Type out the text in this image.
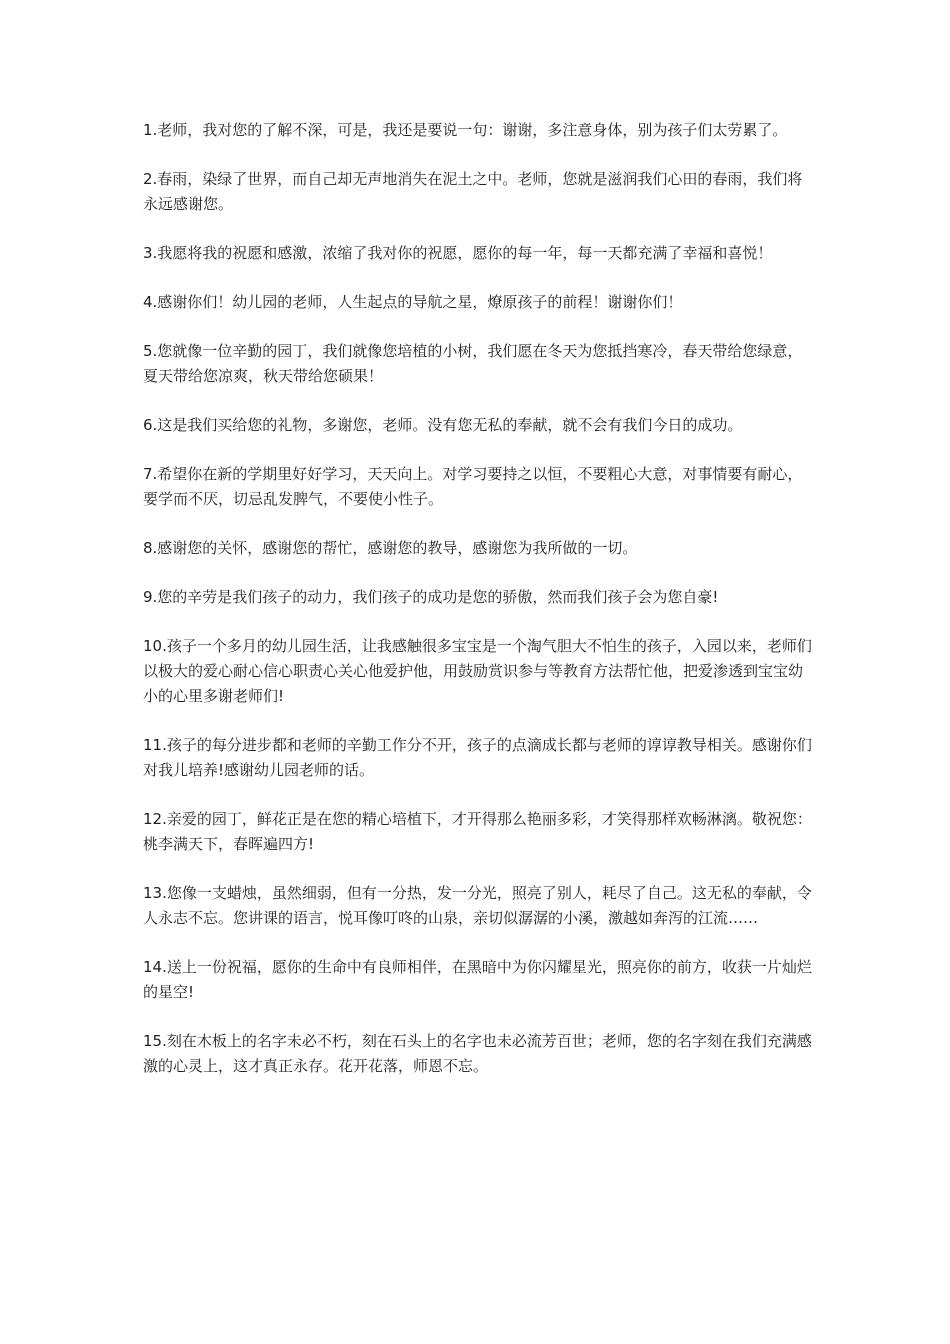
1.老师，我对您的了解不深，可是，我还是要说一句：谢谢，多注意身体，别为孩子们太劳累了。

2.春雨，染绿了世界，而自己却无声地消失在泥土之中。老师，您就是滋润我们心田的春雨，我们将永远感谢您。

3.我愿将我的祝愿和感激，浓缩了我对你的祝愿，愿你的每一年，每一天都充满了幸福和喜悦！

4.感谢你们！幼儿园的老师，人生起点的导航之星，燎原孩子的前程！谢谢你们！

5.您就像一位辛勤的园丁，我们就像您培植的小树，我们愿在冬天为您抵挡寒冷，春天带给您绿意，夏天带给您凉爽，秋天带给您硕果！

6.这是我们买给您的礼物，多谢您，老师。没有您无私的奉献，就不会有我们今日的成功。

7.希望你在新的学期里好好学习，天天向上。对学习要持之以恒，不要粗心大意，对事情要有耐心，要学而不厌，切忌乱发脾气，不要使小性子。

8.感谢您的关怀，感谢您的帮忙，感谢您的教导，感谢您为我所做的一切。

9.您的辛劳是我们孩子的动力，我们孩子的成功是您的骄傲，然而我们孩子会为您自豪!

10.孩子一个多月的幼儿园生活，让我感触很多宝宝是一个淘气胆大不怕生的孩子，入园以来，老师们以极大的爱心耐心信心职责心关心他爱护他，用鼓励赏识参与等教育方法帮忙他，把爱渗透到宝宝幼小的心里多谢老师们!

11.孩子的每分进步都和老师的辛勤工作分不开，孩子的点滴成长都与老师的谆谆教导相关。感谢你们对我儿培养!感谢幼儿园老师的话。

12.亲爱的园丁，鲜花正是在您的精心培植下，才开得那么艳丽多彩，才笑得那样欢畅淋漓。敬祝您：桃李满天下，春晖遍四方!

13.您像一支蜡烛，虽然细弱，但有一分热，发一分光，照亮了别人，耗尽了自己。这无私的奉献，令人永志不忘。您讲课的语言，悦耳像叮咚的山泉，亲切似潺潺的小溪，激越如奔泻的江流……

14.送上一份祝福，愿你的生命中有良师相伴，在黑暗中为你闪耀星光，照亮你的前方，收获一片灿烂的星空!

15.刻在木板上的名字未必不朽，刻在石头上的名字也未必流芳百世；老师，您的名字刻在我们充满感激的心灵上，这才真正永存。花开花落，师恩不忘。
